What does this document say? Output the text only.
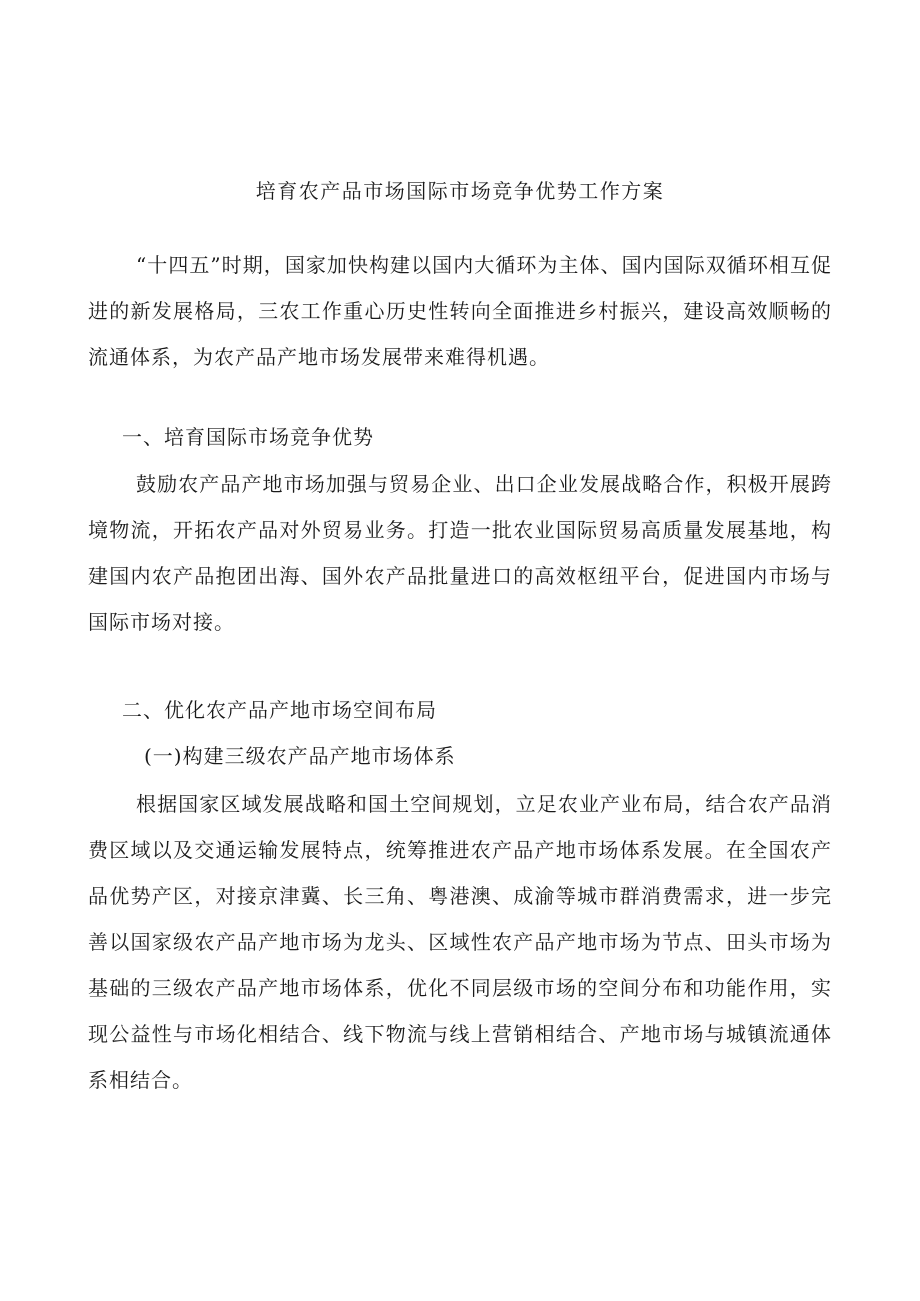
培育农产品市场国际市场竞争优势工作方案

“十四五”时期，国家加快构建以国内大循环为主体、国内国际双循环相互促进的新发展格局，三农工作重心历史性转向全面推进乡村振兴，建设高效顺畅的流通体系，为农产品产地市场发展带来难得机遇。

一、培育国际市场竞争优势

鼓励农产品产地市场加强与贸易企业、出口企业发展战略合作，积极开展跨境物流，开拓农产品对外贸易业务。打造一批农业国际贸易高质量发展基地，构建国内农产品抱团出海、国外农产品批量进口的高效枢纽平台，促进国内市场与国际市场对接。

二、优化农产品产地市场空间布局
(一)构建三级农产品产地市场体系

根据国家区域发展战略和国土空间规划，立足农业产业布局，结合农产品消费区域以及交通运输发展特点，统筹推进农产品产地市场体系发展。在全国农产品优势产区，对接京津冀、长三角、粤港澳、成渝等城市群消费需求，进一步完善以国家级农产品产地市场为龙头、区域性农产品产地市场为节点、田头市场为基础的三级农产品产地市场体系，优化不同层级市场的空间分布和功能作用，实现公益性与市场化相结合、线下物流与线上营销相结合、产地市场与城镇流通体系相结合。
